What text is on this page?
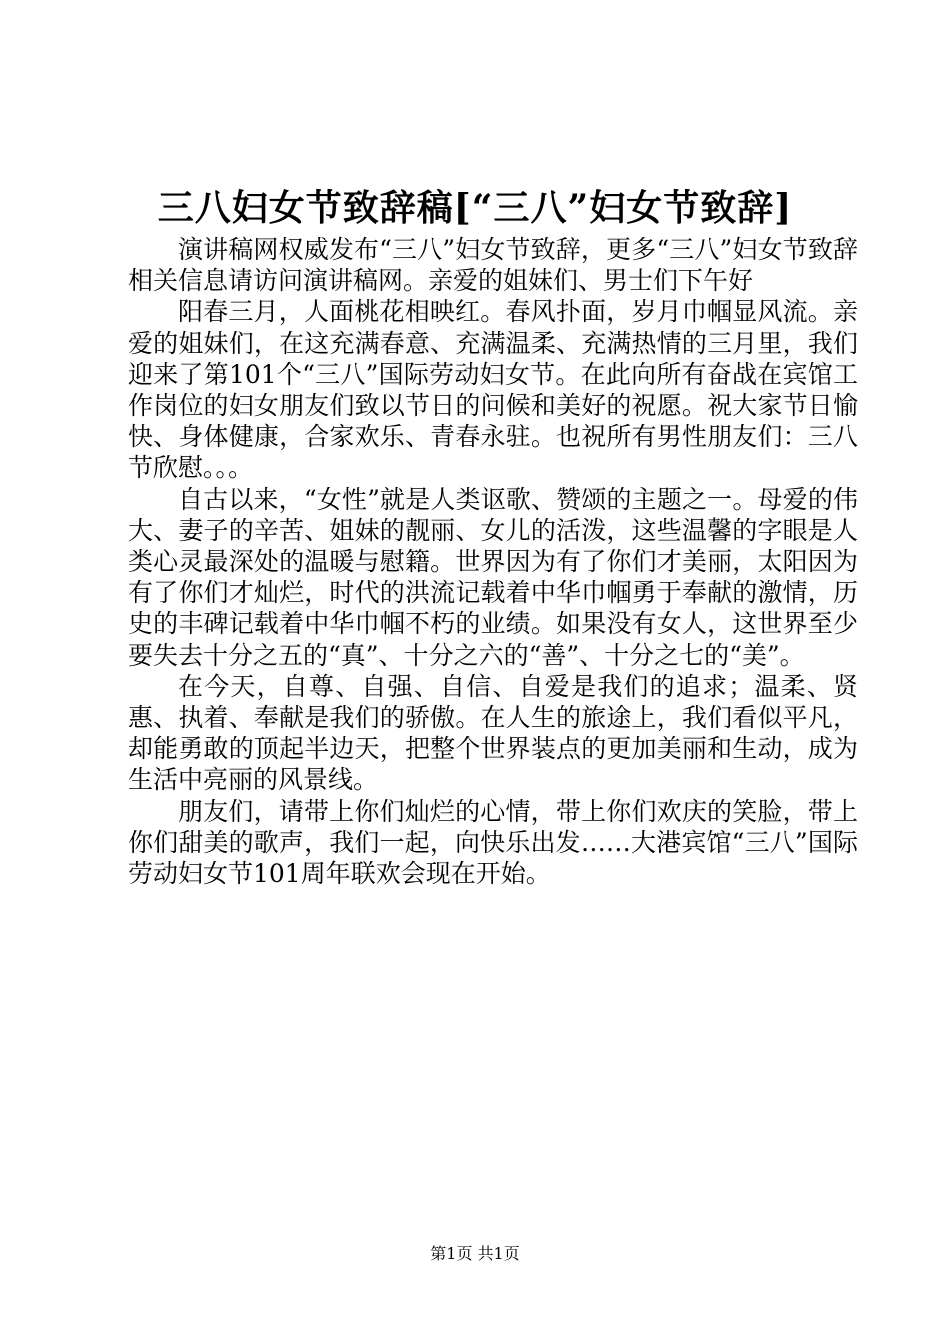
三八妇女节致辞稿[“三八”妇女节致辞]

演讲稿网权威发布“三八”妇女节致辞，更多“三八”妇女节致辞相关信息请访问演讲稿网。亲爱的姐妹们、男士们下午好

阳春三月，人面桃花相映红。春风扑面，岁月巾帼显风流。亲爱的姐妹们，在这充满春意、充满温柔、充满热情的三月里，我们迎来了第101个“三八”国际劳动妇女节。在此向所有奋战在宾馆工作岗位的妇女朋友们致以节日的问候和美好的祝愿。祝大家节日愉快、身体健康，合家欢乐、青春永驻。也祝所有男性朋友们：三八节欣慰。。。

自古以来，“女性”就是人类讴歌、赞颂的主题之一。母爱的伟大、妻子的辛苦、姐妹的靓丽、女儿的活泼，这些温馨的字眼是人类心灵最深处的温暖与慰籍。世界因为有了你们才美丽，太阳因为有了你们才灿烂，时代的洪流记载着中华巾帼勇于奉献的激情，历史的丰碑记载着中华巾帼不朽的业绩。如果没有女人，这世界至少要失去十分之五的“真”、十分之六的“善”、十分之七的“美”。

在今天，自尊、自强、自信、自爱是我们的追求；温柔、贤惠、执着、奉献是我们的骄傲。在人生的旅途上，我们看似平凡，却能勇敢的顶起半边天，把整个世界装点的更加美丽和生动，成为生活中亮丽的风景线。

朋友们，请带上你们灿烂的心情，带上你们欢庆的笑脸，带上你们甜美的歌声，我们一起，向快乐出发……大港宾馆“三八”国际劳动妇女节101周年联欢会现在开始。

第1页 共1页
